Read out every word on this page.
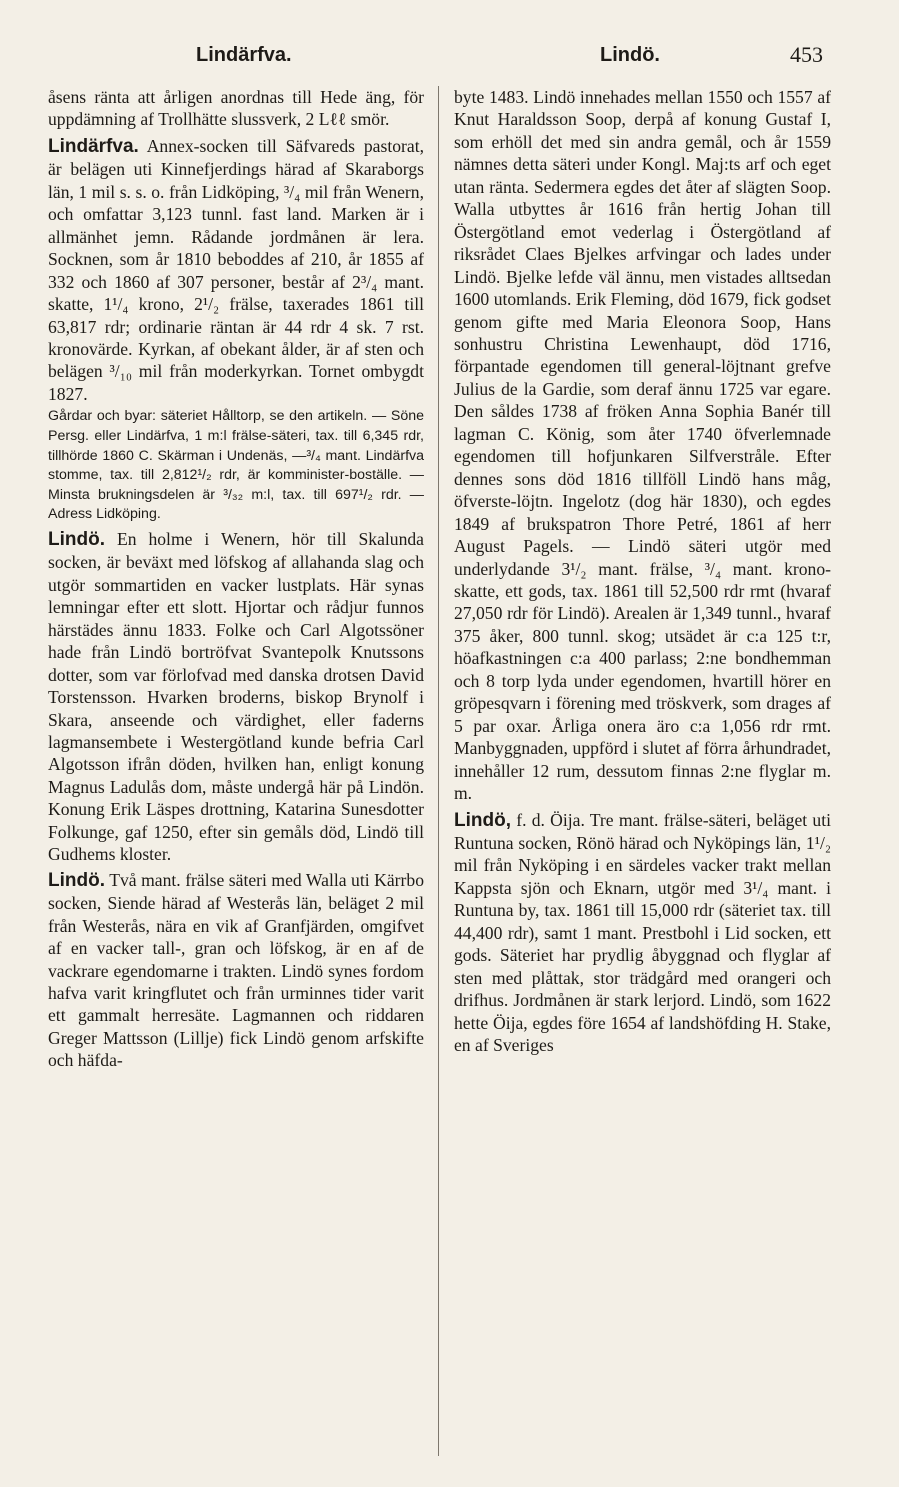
Lindärfva.	Lindö.	453

åsens ränta att årligen anordnas till Hede äng, för uppdämning af Trollhätte slussverk, 2 Lℓℓ smör.

Lindärfva. Annex-socken till Säfvareds pastorat, är belägen uti Kinnefjerdings härad af Skaraborgs län, 1 mil s. s. o. från Lidköping, ³/₄ mil från Wenern, och omfattar 3,123 tunnl. fast land. Marken är i allmänhet jemn. Rådande jordmånen är lera. Socknen, som år 1810 beboddes af 210, år 1855 af 332 och 1860 af 307 personer, består af 2³/₄ mant. skatte, 1¹/₄ krono, 2¹/₂ frälse, taxerades 1861 till 63,817 rdr; ordinarie räntan är 44 rdr 4 sk. 7 rst. kronovärde. Kyrkan, af obekant ålder, är af sten och belägen ³/₁₀ mil från moderkyrkan. Tornet ombygdt 1827.

Gårdar och byar: säteriet Hålltorp, se den artikeln. — Söne Persg. eller Lindärfva, 1 m:l frälse-säteri, tax. till 6,345 rdr, tillhörde 1860 C. Skärman i Undenäs, —³/₄ mant. Lindärfva stomme, tax. till 2,812¹/₂ rdr, är komminister-boställe. — Minsta brukningsdelen är ³/₃₂ m:l, tax. till 697¹/₂ rdr. — Adress Lidköping.

Lindö. En holme i Wenern, hör till Skalunda socken, är beväxt med löfskog af allahanda slag och utgör sommartiden en vacker lustplats. Här synas lemningar efter ett slott. Hjortar och rådjur funnos härstädes ännu 1833. Folke och Carl Algotssöner hade från Lindö bortröfvat Svantepolk Knutssons dotter, som var förlofvad med danska drotsen David Torstensson. Hvarken broderns, biskop Brynolf i Skara, anseende och värdighet, eller faderns lagmansembete i Westergötland kunde befria Carl Algotsson ifrån döden, hvilken han, enligt konung Magnus Ladulås dom, måste undergå här på Lindön. Konung Erik Läspes drottning, Katarina Sunesdotter Folkunge, gaf 1250, efter sin gemåls död, Lindö till Gudhems kloster.

Lindö. Två mant. frälse säteri med Walla uti Kärrbo socken, Siende härad af Westerås län, beläget 2 mil från Westerås, nära en vik af Granfjärden, omgifvet af en vacker tall-, gran och löfskog, är en af de vackrare egendomarne i trakten. Lindö synes fordom hafva varit kringflutet och från urminnes tider varit ett gammalt herresäte. Lagmannen och riddaren Greger Mattsson (Lillje) fick Lindö genom arfskifte och häfda-

byte 1483. Lindö innehades mellan 1550 och 1557 af Knut Haraldsson Soop, derpå af konung Gustaf I, som erhöll det med sin andra gemål, och år 1559 nämnes detta säteri under Kongl. Maj:ts arf och eget utan ränta. Sedermera egdes det åter af slägten Soop. Walla utbyttes år 1616 från hertig Johan till Östergötland emot vederlag i Östergötland af riksrådet Claes Bjelkes arfvingar och lades under Lindö. Bjelke lefde väl ännu, men vistades alltsedan 1600 utomlands. Erik Fleming, död 1679, fick godset genom gifte med Maria Eleonora Soop, Hans sonhustru Christina Lewenhaupt, död 1716, förpantade egendomen till general-löjtnant grefve Julius de la Gardie, som deraf ännu 1725 var egare. Den såldes 1738 af fröken Anna Sophia Banér till lagman C. König, som åter 1740 öfverlemnade egendomen till hofjunkaren Silfverstråle. Efter dennes sons död 1816 tillföll Lindö hans måg, öfverste-löjtn. Ingelotz (dog här 1830), och egdes 1849 af brukspatron Thore Petré, 1861 af herr August Pagels. — Lindö säteri utgör med underlydande 3¹/₂ mant. frälse, ³/₄ mant. krono-skatte, ett gods, tax. 1861 till 52,500 rdr rmt (hvaraf 27,050 rdr för Lindö). Arealen är 1,349 tunnl., hvaraf 375 åker, 800 tunnl. skog; utsädet är c:a 125 t:r, höafkastningen c:a 400 parlass; 2:ne bondhemman och 8 torp lyda under egendomen, hvartill hörer en gröpesqvarn i förening med tröskverk, som drages af 5 par oxar. Årliga onera äro c:a 1,056 rdr rmt. Manbyggnaden, uppförd i slutet af förra århundradet, innehåller 12 rum, dessutom finnas 2:ne flyglar m. m.

Lindö, f. d. Öija. Tre mant. frälse-säteri, beläget uti Runtuna socken, Rönö härad och Nyköpings län, 1¹/₂ mil från Nyköping i en särdeles vacker trakt mellan Kappsta sjön och Eknarn, utgör med 3¹/₄ mant. i Runtuna by, tax. 1861 till 15,000 rdr (säteriet tax. till 44,400 rdr), samt 1 mant. Prestbohl i Lid socken, ett gods. Säteriet har prydlig åbyggnad och flyglar af sten med plåttak, stor trädgård med orangeri och drifhus. Jordmånen är stark lerjord. Lindö, som 1622 hette Öija, egdes före 1654 af landshöfding H. Stake, en af Sveriges
